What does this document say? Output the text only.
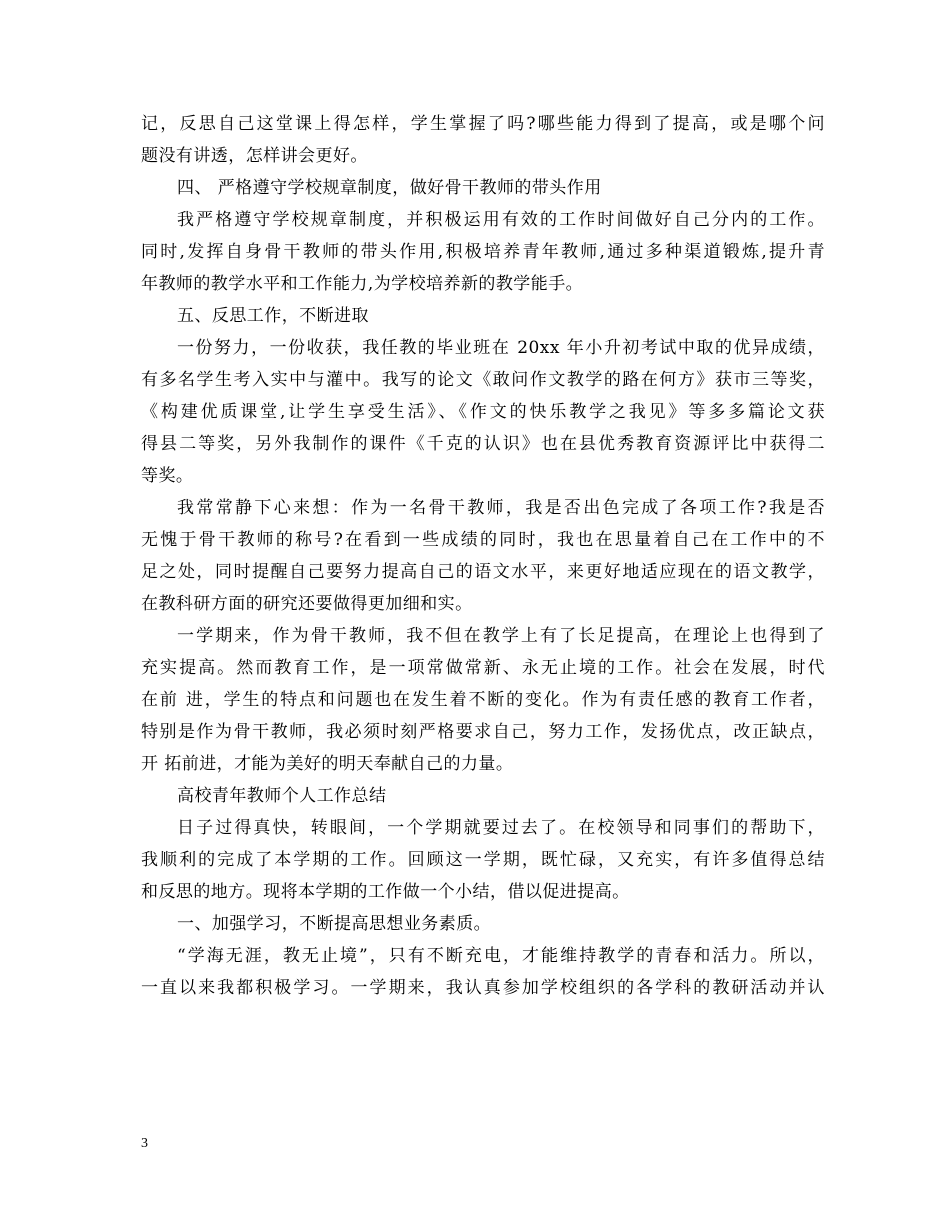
记，反思自己这堂课上得怎样，学生掌握了吗?哪些能力得到了提高，或是哪个问
题没有讲透，怎样讲会更好。
四、 严格遵守学校规章制度，做好骨干教师的带头作用
我严格遵守学校规章制度，并积极运用有效的工作时间做好自己分内的工作。
同时,发挥自身骨干教师的带头作用,积极培养青年教师,通过多种渠道锻炼,提升青
年教师的教学水平和工作能力,为学校培养新的教学能手。
五、反思工作，不断进取
一份努力，一份收获，我任教的毕业班在 20xx 年小升初考试中取的优异成绩，
有多名学生考入实中与灌中。我写的论文《敢问作文教学的路在何方》获市三等奖，
《构建优质课堂,让学生享受生活》、《作文的快乐教学之我见》等多多篇论文获
得县二等奖，另外我制作的课件《千克的认识》也在县优秀教育资源评比中获得二
等奖。
我常常静下心来想：作为一名骨干教师，我是否出色完成了各项工作?我是否
无愧于骨干教师的称号?在看到一些成绩的同时，我也在思量着自己在工作中的不
足之处，同时提醒自己要努力提高自己的语文水平，来更好地适应现在的语文教学，
在教科研方面的研究还要做得更加细和实。
一学期来，作为骨干教师，我不但在教学上有了长足提高，在理论上也得到了
充实提高。然而教育工作，是一项常做常新、永无止境的工作。社会在发展，时代
在前 进，学生的特点和问题也在发生着不断的变化。作为有责任感的教育工作者，
特别是作为骨干教师，我必须时刻严格要求自己，努力工作，发扬优点，改正缺点，
开 拓前进，才能为美好的明天奉献自己的力量。
高校青年教师个人工作总结
日子过得真快，转眼间，一个学期就要过去了。在校领导和同事们的帮助下，
我顺利的完成了本学期的工作。回顾这一学期，既忙碌，又充实，有许多值得总结
和反思的地方。现将本学期的工作做一个小结，借以促进提高。
一、加强学习，不断提高思想业务素质。
“学海无涯，教无止境”，只有不断充电，才能维持教学的青春和活力。所以，
一直以来我都积极学习。一学期来，我认真参加学校组织的各学科的教研活动并认
3
